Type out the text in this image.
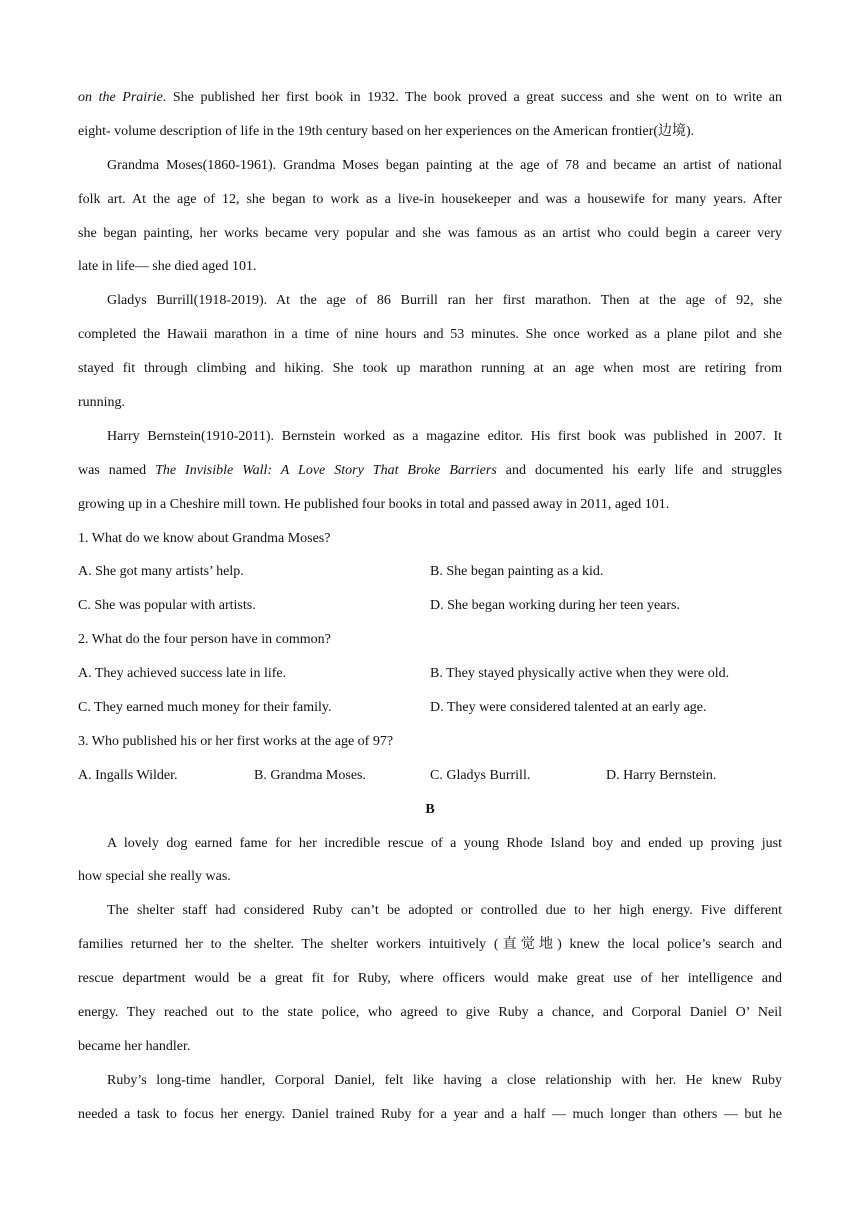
on the Prairie. She published her first book in 1932. The book proved a great success and she went on to write an
eight- volume description of life in the 19th century based on her experiences on the American frontier(边境).
Grandma Moses(1860-1961). Grandma Moses began painting at the age of 78 and became an artist of national
folk art. At the age of 12, she began to work as a live-in housekeeper and was a housewife for many years. After
she began painting, her works became very popular and she was famous as an artist who could begin a career very
late in life— she died aged 101.
Gladys Burrill(1918-2019). At the age of 86 Burrill ran her first marathon. Then at the age of 92, she
completed the Hawaii marathon in a time of nine hours and 53 minutes. She once worked as a plane pilot and she
stayed fit through climbing and hiking. She took up marathon running at an age when most are retiring from
running.
Harry Bernstein(1910-2011). Bernstein worked as a magazine editor. His first book was published in 2007. It
was named The Invisible Wall: A Love Story That Broke Barriers and documented his early life and struggles
growing up in a Cheshire mill town. He published four books in total and passed away in 2011, aged 101.
1. What do we know about Grandma Moses?
A. She got many artists’ help.	B. She began painting as a kid.
C. She was popular with artists.	D. She began working during her teen years.
2. What do the four person have in common?
A. They achieved success late in life.	B. They stayed physically active when they were old.
C. They earned much money for their family.	D. They were considered talented at an early age.
3. Who published his or her first works at the age of 97?
A. Ingalls Wilder.	B. Grandma Moses.	C. Gladys Burrill.	D. Harry Bernstein.
B
A lovely dog earned fame for her incredible rescue of a young Rhode Island boy and ended up proving just
how special she really was.
The shelter staff had considered Ruby can’t be adopted or controlled due to her high energy. Five different
families returned her to the shelter. The shelter workers intuitively (直觉地) knew the local police’s search and
rescue department would be a great fit for Ruby, where officers would make great use of her intelligence and
energy. They reached out to the state police, who agreed to give Ruby a chance, and Corporal Daniel O’ Neil
became her handler.
Ruby’s long-time handler, Corporal Daniel, felt like having a close relationship with her. He knew Ruby
needed a task to focus her energy. Daniel trained Ruby for a year and a half — much longer than others — but he
